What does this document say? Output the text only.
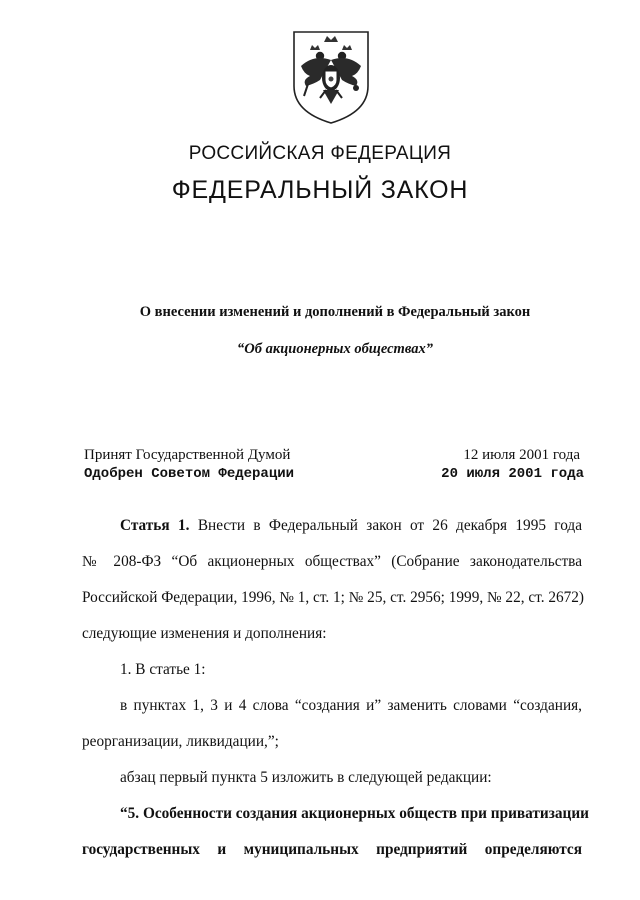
РОССИЙСКАЯ ФЕДЕРАЦИЯ
ФЕДЕРАЛЬНЫЙ ЗАКОН
О внесении изменений и дополнений в Федеральный закон
“Об акционерных обществах”
Принят Государственной Думой	12 июля 2001 года
Одобрен Советом Федерации	20 июля 2001 года
Статья 1. Внести в Федеральный закон от 26 декабря 1995 года
№ 208-ФЗ “Об акционерных обществах” (Собрание законодательства
Российской Федерации, 1996, № 1, ст. 1; № 25, ст. 2956; 1999, № 22, ст. 2672)
следующие изменения и дополнения:
1. В статье 1:
в пунктах 1, 3 и 4 слова “создания и” заменить словами “создания,
реорганизации, ликвидации,”;
абзац первый пункта 5 изложить в следующей редакции:
“5. Особенности создания акционерных обществ при приватизации
государственных и муниципальных предприятий определяются
